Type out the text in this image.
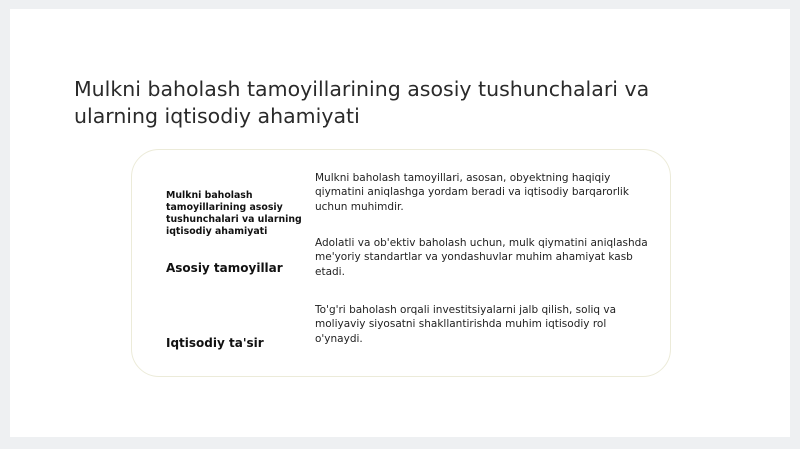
Mulkni baholash tamoyillarining asosiy tushunchalari va ularning iqtisodiy ahamiyati

Mulkni baholash tamoyillarining asosiy tushunchalari va ularning iqtisodiy ahamiyati

Mulkni baholash tamoyillari, asosan, obyektning haqiqiy qiymatini aniqlashga yordam beradi va iqtisodiy barqarorlik uchun muhimdir.

Asosiy tamoyillar

Adolatli va ob'ektiv baholash uchun, mulk qiymatini aniqlashda me'yoriy standartlar va yondashuvlar muhim ahamiyat kasb etadi.

Iqtisodiy ta'sir

To'g'ri baholash orqali investitsiyalarni jalb qilish, soliq va moliyaviy siyosatni shakllantirishda muhim iqtisodiy rol o'ynaydi.
